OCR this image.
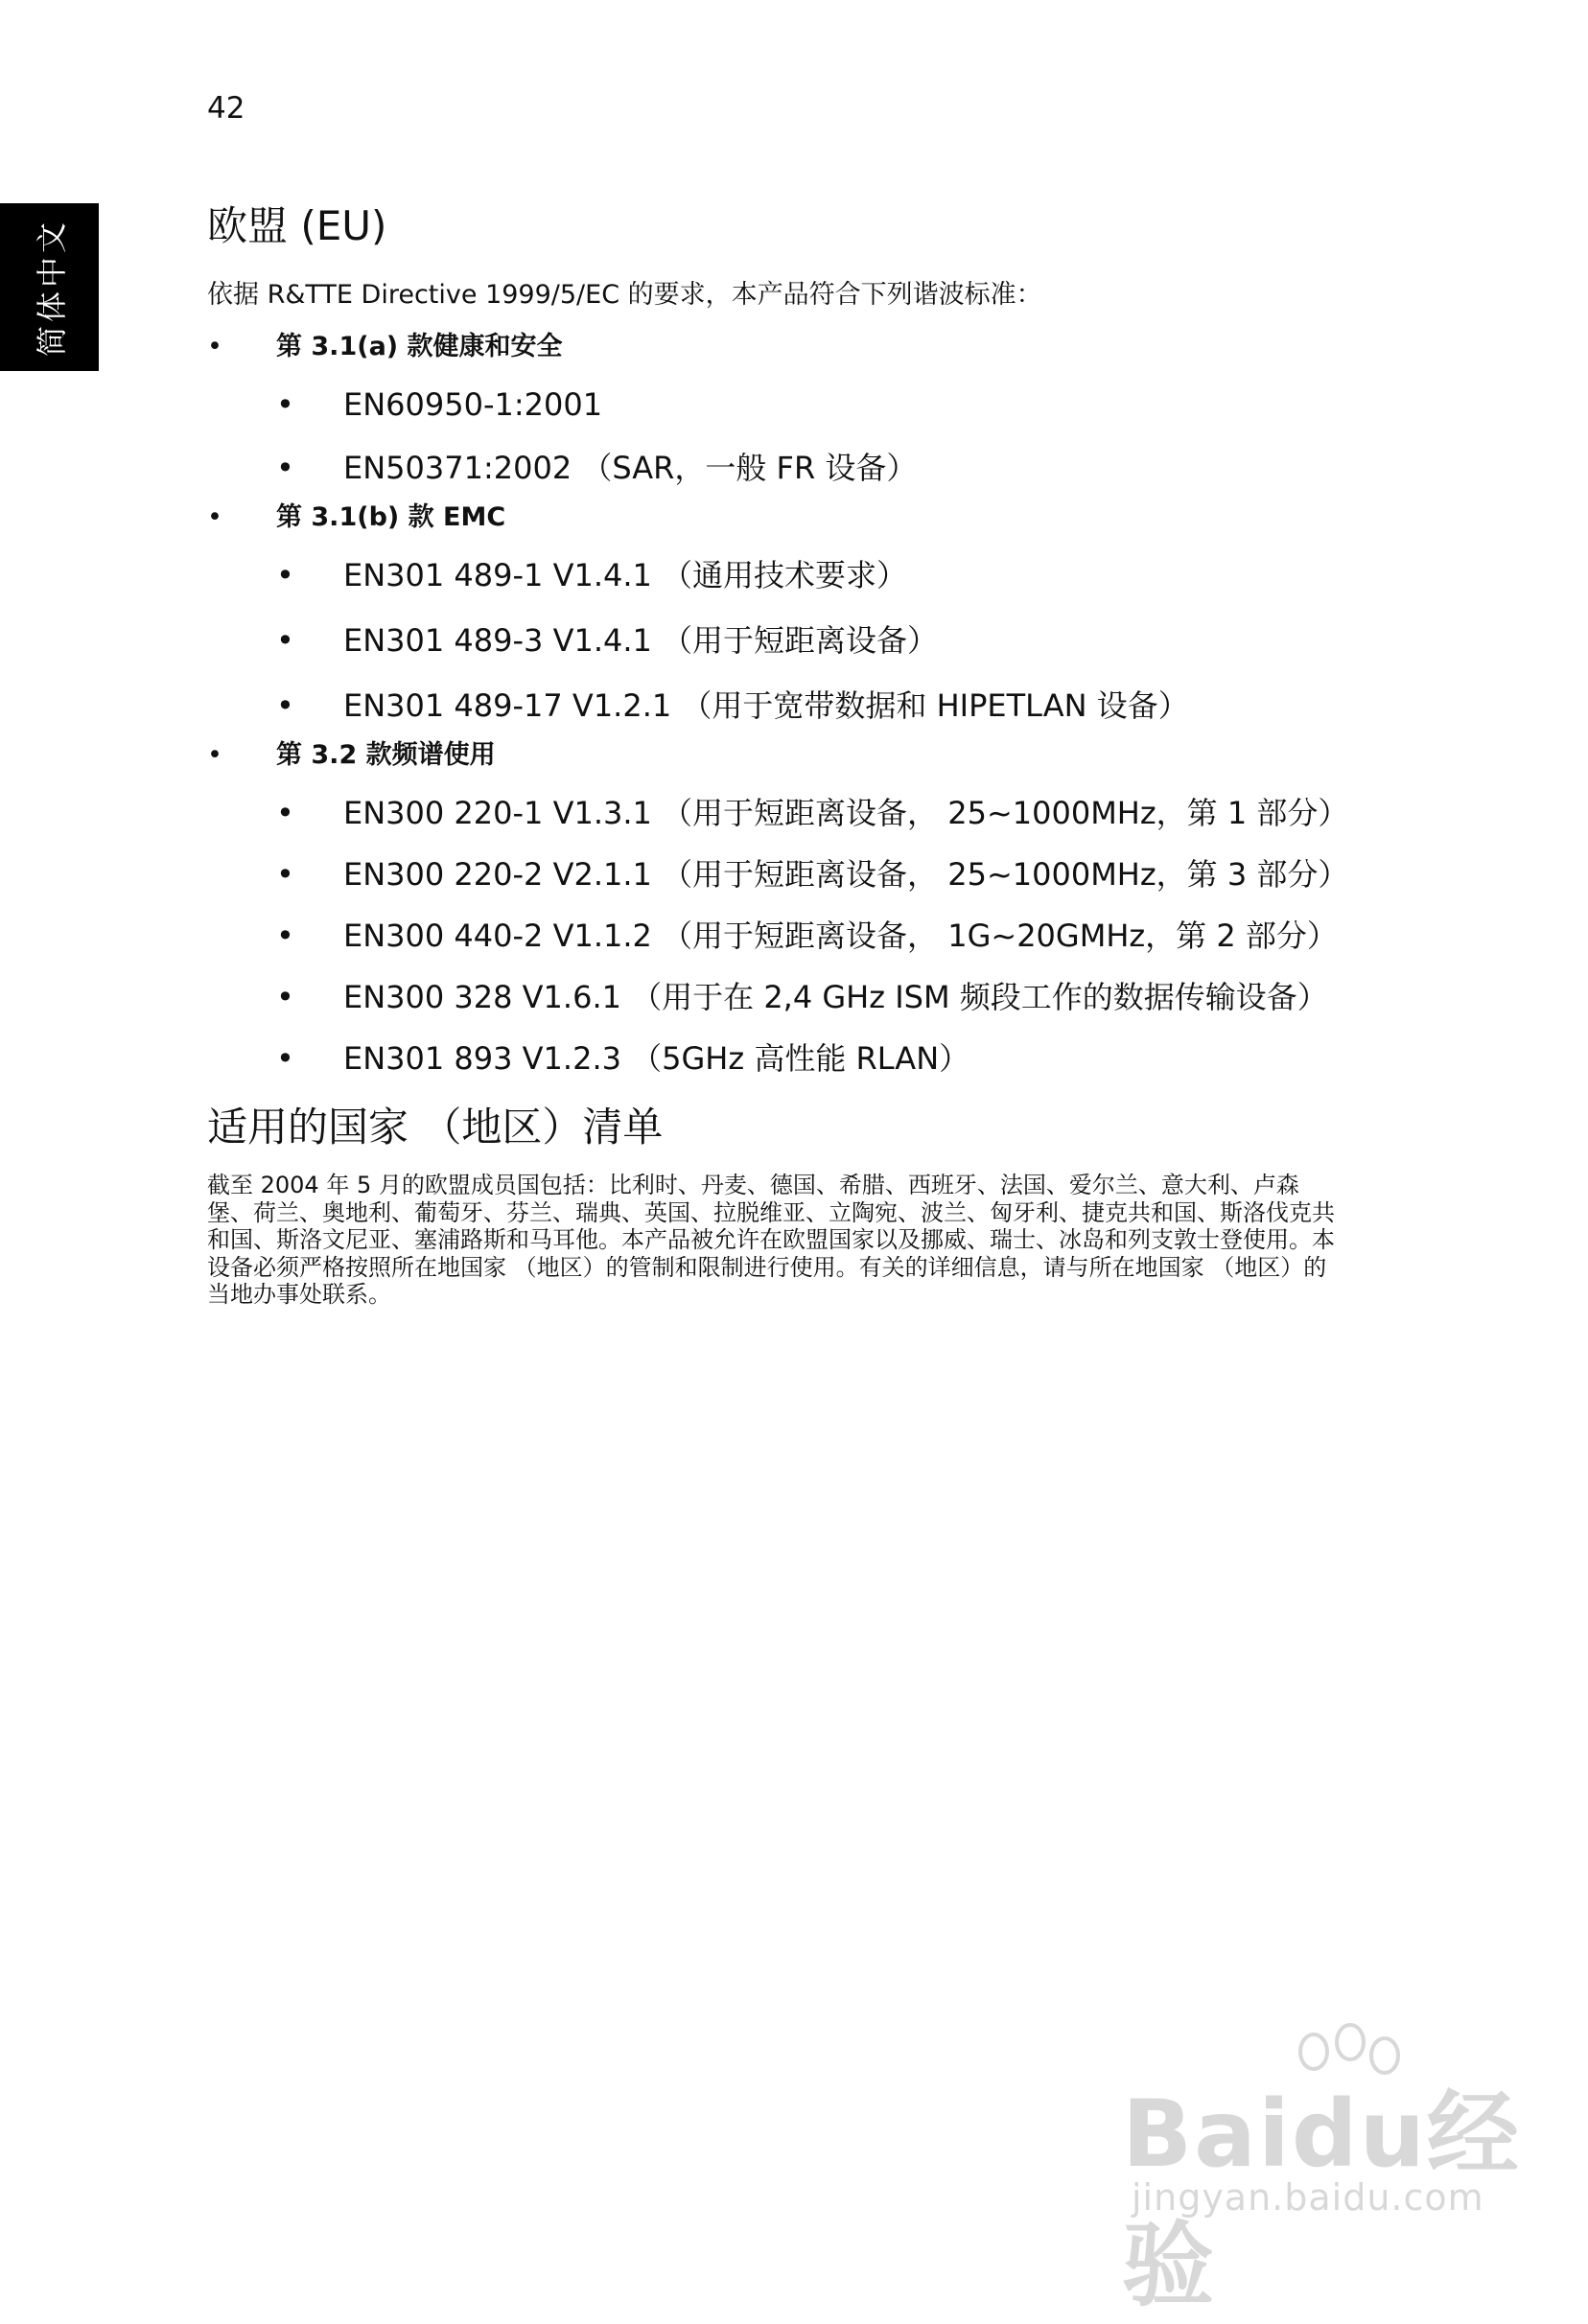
42
简体中文	欧盟 (EU)

依据 R&TTE Directive 1999/5/EC 的要求，本产品符合下列谐波标准：

• 第 3.1(a) 款健康和安全
• EN60950-1:2001
• EN50371:2002 （SAR，一般 FR 设备）
• 第 3.1(b) 款 EMC
• EN301 489-1 V1.4.1 （通用技术要求）
• EN301 489-3 V1.4.1 （用于短距离设备）
• EN301 489-17 V1.2.1 （用于宽带数据和 HIPETLAN 设备）
• 第 3.2 款频谱使用
• EN300 220-1 V1.3.1 （用于短距离设备， 25~1000MHz，第 1 部分）
• EN300 220-2 V2.1.1 （用于短距离设备， 25~1000MHz，第 3 部分）
• EN300 440-2 V1.1.2 （用于短距离设备， 1G~20GMHz，第 2 部分）
• EN300 328 V1.6.1 （用于在 2,4 GHz ISM 频段工作的数据传输设备）
• EN301 893 V1.2.3 （5GHz 高性能 RLAN）
适用的国家 （地区）清单

截至 2004 年 5 月的欧盟成员国包括：比利时、丹麦、德国、希腊、西班牙、法国、爱尔兰、意大利、卢森堡、荷兰、奥地利、葡萄牙、芬兰、瑞典、英国、拉脱维亚、立陶宛、波兰、匈牙利、捷克共和国、斯洛伐克共和国、斯洛文尼亚、塞浦路斯和马耳他。本产品被允许在欧盟国家以及挪威、瑞士、冰岛和列支敦士登使用。本设备必须严格按照所在地国家 （地区）的管制和限制进行使用。有关的详细信息，请与所在地国家 （地区）的当地办事处联系。

Baidu经验
jingyan.baidu.com
